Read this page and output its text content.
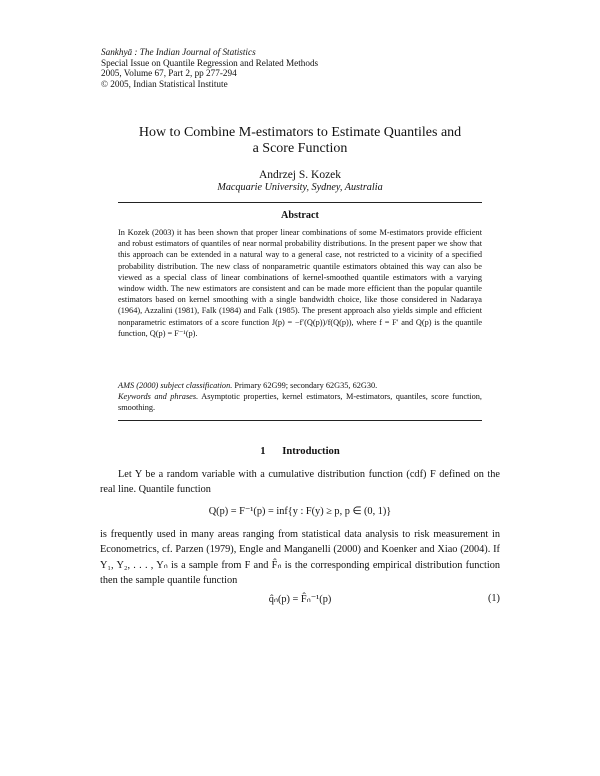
Sankhyā : The Indian Journal of Statistics
Special Issue on Quantile Regression and Related Methods
2005, Volume 67, Part 2, pp 277-294
© 2005, Indian Statistical Institute
How to Combine M-estimators to Estimate Quantiles and
a Score Function
Andrzej S. Kozek
Macquarie University, Sydney, Australia
Abstract

In Kozek (2003) it has been shown that proper linear combinations of some M-estimators provide efficient and robust estimators of quantiles of near normal probability distributions. In the present paper we show that this approach can be extended in a natural way to a general case, not restricted to a vicinity of a specified probability distribution. The new class of nonparametric quantile estimators obtained this way can also be viewed as a special class of linear combinations of kernel-smoothed quantile estimators with a varying window width. The new estimators are consistent and can be made more efficient than the popular quantile estimators based on kernel smoothing with a single bandwidth choice, like those considered in Nadaraya (1964), Azzalini (1981), Falk (1984) and Falk (1985). The present approach also yields simple and efficient nonparametric estimators of a score function J(p) = −f′(Q(p))/f(Q(p)), where f = F′ and Q(p) is the quantile function, Q(p) = F⁻¹(p).

AMS (2000) subject classification. Primary 62G99; secondary 62G35, 62G30.

Keywords and phrases. Asymptotic properties, kernel estimators, M-estimators, quantiles, score function, smoothing.

1 Introduction

Let Y be a random variable with a cumulative distribution function (cdf) F defined on the real line. Quantile function

Q(p) = F⁻¹(p) = inf{y : F(y) ≥ p, p ∈ (0, 1)}

is frequently used in many areas ranging from statistical data analysis to risk measurement in Econometrics, cf. Parzen (1979), Engle and Manganelli (2000) and Koenker and Xiao (2004). If Y₁, Y₂, . . . , Yₙ is a sample from F and F̂ₙ is the corresponding empirical distribution function then the sample quantile function

q̂ₙ(p) = F̂ₙ⁻¹(p)	(1)
